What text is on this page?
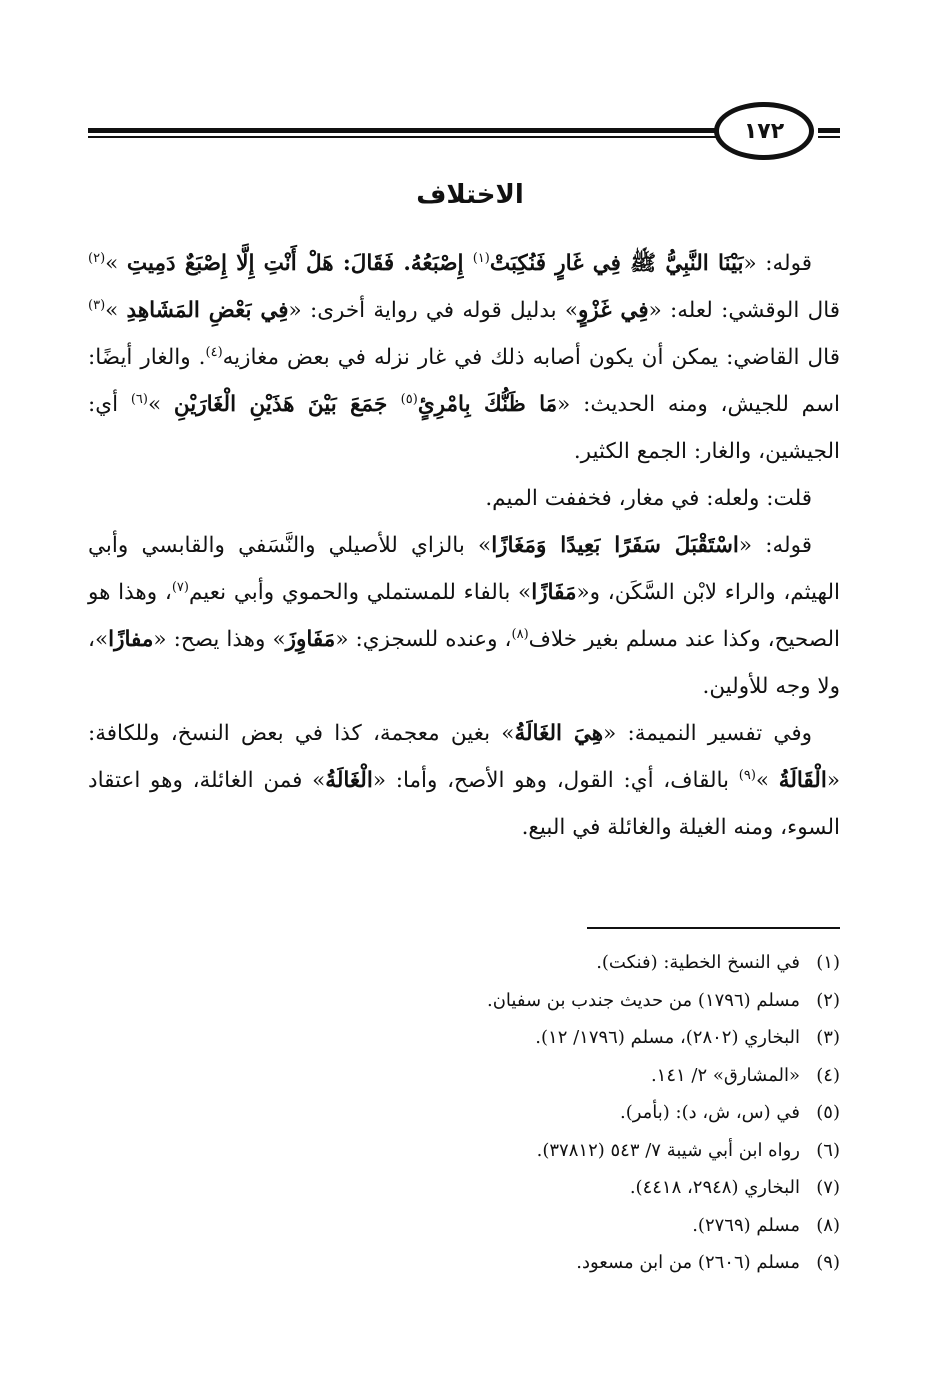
١٧٢
الاختلاف

قوله: «بَيْنَا النَّبِيُّ ﷺ فِي غَارٍ فَنُكِبَتْ$^{(١)}$ إِصْبَعُهُ. فَقَالَ: هَلْ أَنْتِ إِلَّا إِصْبَعٌ دَمِيتِ »$^{(٢)}$ قال الوقشي: لعله: «فِي غَزْوٍ» بدليل قوله في رواية أخرى: «فِي بَعْضِ المَشَاهِدِ »$^{(٣)}$ قال القاضي: يمكن أن يكون أصابه ذلك في غار نزله في بعض مغازيه$^{(٤)}$. والغار أيضًا: اسم للجيش، ومنه الحديث: «مَا ظَنُّكَ بِامْرِئٍ$^{(٥)}$ جَمَعَ بَيْنَ هَذَيْنِ الْغَارَيْنِ »$^{(٦)}$ أي: الجيشين، والغار: الجمع الكثير.

قلت: ولعله: في مغار، فخففت الميم.

قوله: «اسْتَقْبَلَ سَفَرًا بَعِيدًا وَمَغَازًا» بالزاي للأصيلي والنَّسَفي والقابسي وأبي الهيثم، والراء لابْن السَّكَن، و«مَفَازًا» بالفاء للمستملي والحموي وأبي نعيم$^{(٧)}$، وهذا هو الصحيح، وكذا عند مسلم بغير خلاف$^{(٨)}$، وعنده للسجزي: «مَفَاوِزَ» وهذا يصح: «مفازًا»، ولا وجه للأولين.

وفي تفسير النميمة: «هِيَ الغَالَةُ» بغين معجمة، كذا في بعض النسخ، وللكافة: «الْقَالَةُ »$^{(٩)}$ بالقاف، أي: القول، وهو الأصح، وأما: «الْغَالَةُ» فمن الغائلة، وهو اعتقاد السوء، ومنه الغيلة والغائلة في البيع.

(١)في النسخ الخطية: (فنكت).
(٢)مسلم (١٧٩٦) من حديث جندب بن سفيان.
(٣)البخاري (٢٨٠٢)، مسلم (١٧٩٦/ ١٢).
(٤)«المشارق» ٢/ ١٤١.
(٥)في (س، ش، د): (بأمر).
(٦)رواه ابن أبي شيبة ٧/ ٥٤٣ (٣٧٨١٢).
(٧)البخاري (٢٩٤٨، ٤٤١٨).
(٨)مسلم (٢٧٦٩).
(٩)مسلم (٢٦٠٦) من ابن مسعود.
